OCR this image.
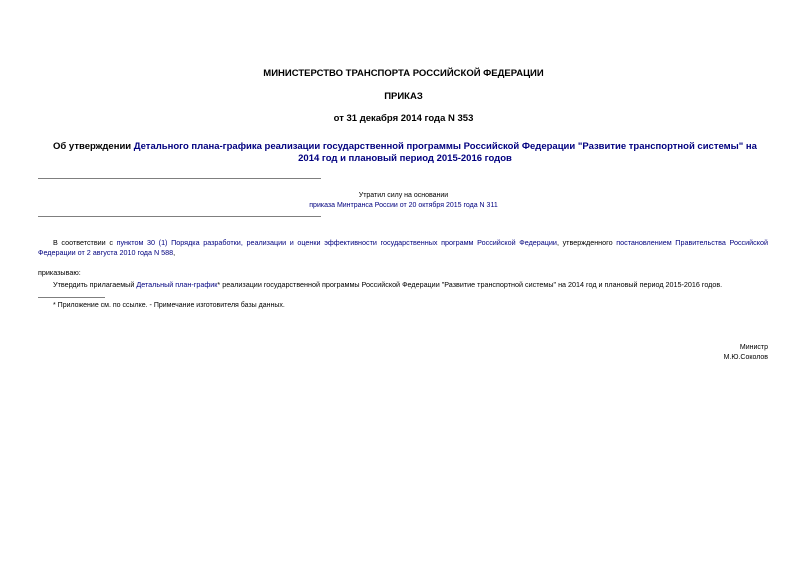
МИНИСТЕРСТВО ТРАНСПОРТА РОССИЙСКОЙ ФЕДЕРАЦИИ
ПРИКАЗ
от 31 декабря 2014 года N 353
Об утверждении Детального плана-графика реализации государственной программы Российской Федерации "Развитие транспортной системы" на 2014 год и плановый период 2015-2016 годов
Утратил силу на основании
приказа Минтранса России от 20 октября 2015 года N 311
В соответствии с пунктом 30 (1) Порядка разработки, реализации и оценки эффективности государственных программ Российской Федерации, утвержденного постановлением Правительства Российской Федерации от 2 августа 2010 года N 588,
приказываю:
Утвердить прилагаемый Детальный план-график* реализации государственной программы Российской Федерации "Развитие транспортной системы" на 2014 год и плановый период 2015-2016 годов.
* Приложение см. по ссылке. - Примечание изготовителя базы данных.
Министр
М.Ю.Соколов
